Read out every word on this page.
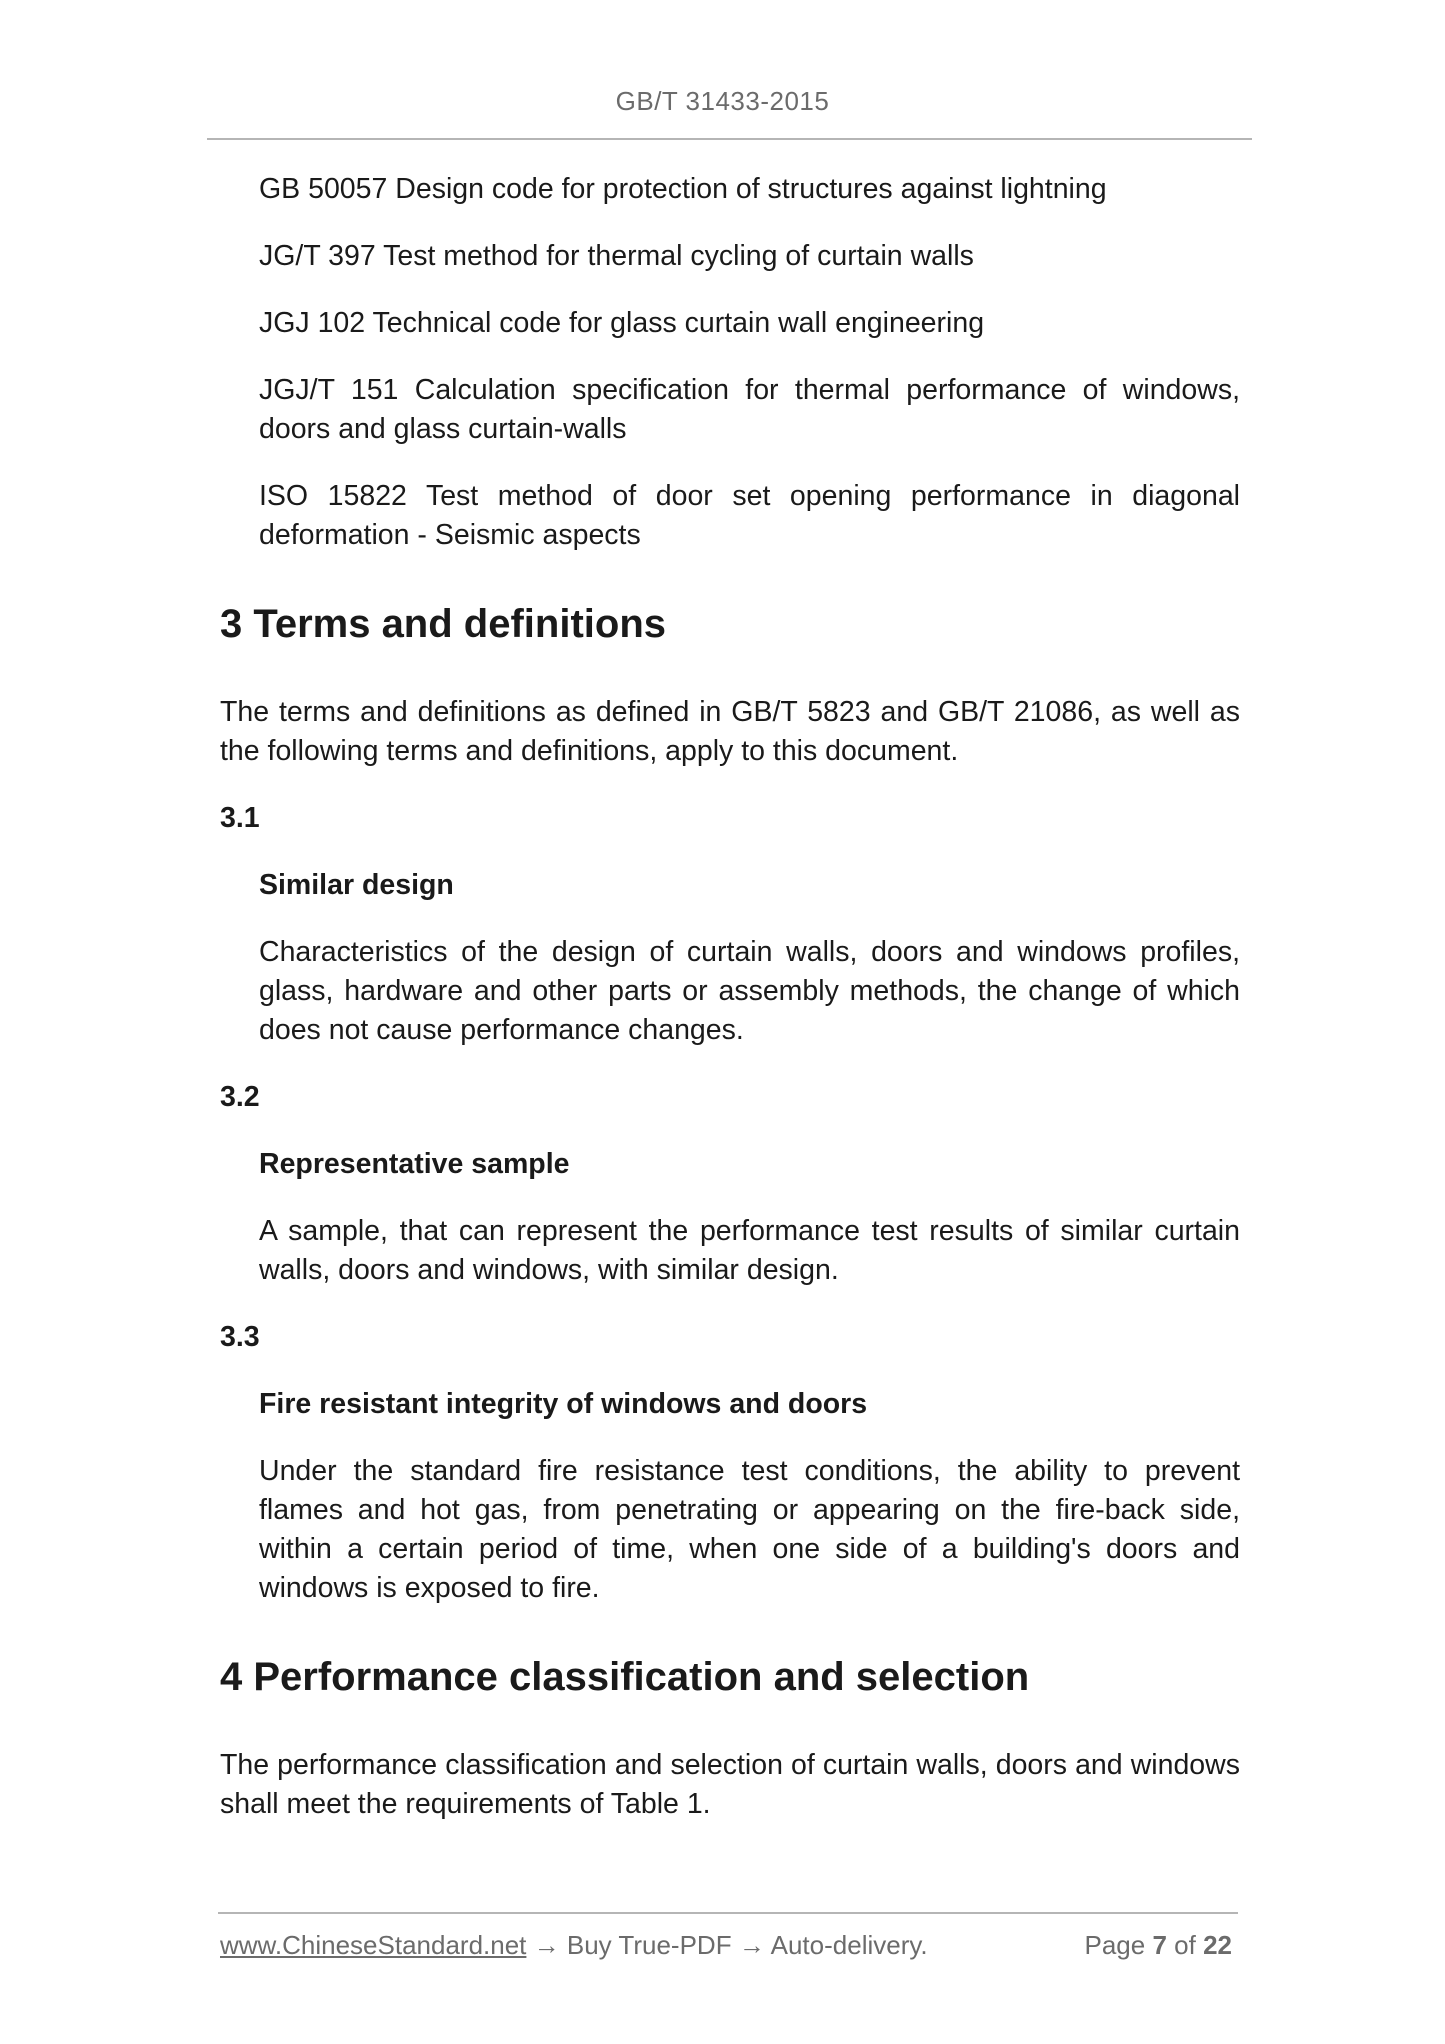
GB/T 31433-2015

GB 50057 Design code for protection of structures against lightning

JG/T 397 Test method for thermal cycling of curtain walls

JGJ 102 Technical code for glass curtain wall engineering

JGJ/T 151 Calculation specification for thermal performance of windows, doors and glass curtain-walls

ISO 15822 Test method of door set opening performance in diagonal deformation - Seismic aspects

3 Terms and definitions

The terms and definitions as defined in GB/T 5823 and GB/T 21086, as well as the following terms and definitions, apply to this document.

3.1

Similar design

Characteristics of the design of curtain walls, doors and windows profiles, glass, hardware and other parts or assembly methods, the change of which does not cause performance changes.

3.2

Representative sample

A sample, that can represent the performance test results of similar curtain walls, doors and windows, with similar design.

3.3

Fire resistant integrity of windows and doors

Under the standard fire resistance test conditions, the ability to prevent flames and hot gas, from penetrating or appearing on the fire-back side, within a certain period of time, when one side of a building's doors and windows is exposed to fire.

4 Performance classification and selection

The performance classification and selection of curtain walls, doors and windows shall meet the requirements of Table 1.

www.ChineseStandard.net → Buy True-PDF → Auto-delivery.	Page 7 of 22
